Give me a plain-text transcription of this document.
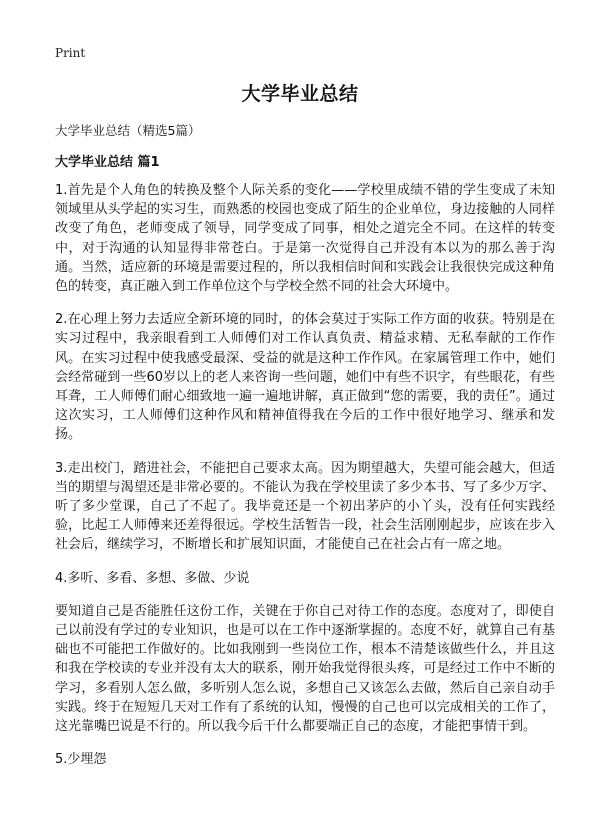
Print
大学毕业总结
大学毕业总结（精选5篇）
大学毕业总结 篇1

1.首先是个人角色的转换及整个人际关系的变化——学校里成绩不错的学生变成了未知领域里从头学起的实习生，而熟悉的校园也变成了陌生的企业单位，身边接触的人同样改变了角色，老师变成了领导，同学变成了同事，相处之道完全不同。在这样的转变中，对于沟通的认知显得非常苍白。于是第一次觉得自己并没有本以为的那么善于沟通。当然，适应新的环境是需要过程的，所以我相信时间和实践会让我很快完成这种角色的转变，真正融入到工作单位这个与学校全然不同的社会大环境中。

2.在心理上努力去适应全新环境的同时，的体会莫过于实际工作方面的收获。特别是在实习过程中，我亲眼看到工人师傅们对工作认真负责、精益求精、无私奉献的工作作风。在实习过程中使我感受最深、受益的就是这种工作作风。在家属管理工作中，她们会经常碰到一些60岁以上的老人来咨询一些问题，她们中有些不识字，有些眼花，有些耳聋，工人师傅们耐心细致地一遍一遍地讲解，真正做到“您的需要，我的责任”。通过这次实习，工人师傅们这种作风和精神值得我在今后的工作中很好地学习、继承和发扬。

3.走出校门，踏进社会，不能把自己要求太高。因为期望越大，失望可能会越大，但适当的期望与渴望还是非常必要的。不能认为我在学校里读了多少本书、写了多少万字、听了多少堂课，自己了不起了。我毕竟还是一个初出茅庐的小丫头，没有任何实践经验，比起工人师傅来还差得很远。学校生活暂告一段，社会生活刚刚起步，应该在步入社会后，继续学习，不断增长和扩展知识面，才能使自己在社会占有一席之地。

4.多听、多看、多想、多做、少说

要知道自己是否能胜任这份工作，关键在于你自己对待工作的态度。态度对了，即使自己以前没有学过的专业知识，也是可以在工作中逐渐掌握的。态度不好，就算自己有基础也不可能把工作做好的。比如我刚到一些岗位工作，根本不清楚该做些什么，并且这和我在学校读的专业并没有太大的联系，刚开始我觉得很头疼，可是经过工作中不断的学习，多看别人怎么做，多听别人怎么说，多想自己又该怎么去做，然后自己亲自动手实践。终于在短短几天对工作有了系统的认知，慢慢的自己也可以完成相关的工作了，这光靠嘴巴说是不行的。所以我今后干什么都要端正自己的态度，才能把事情干到。

5.少埋怨
